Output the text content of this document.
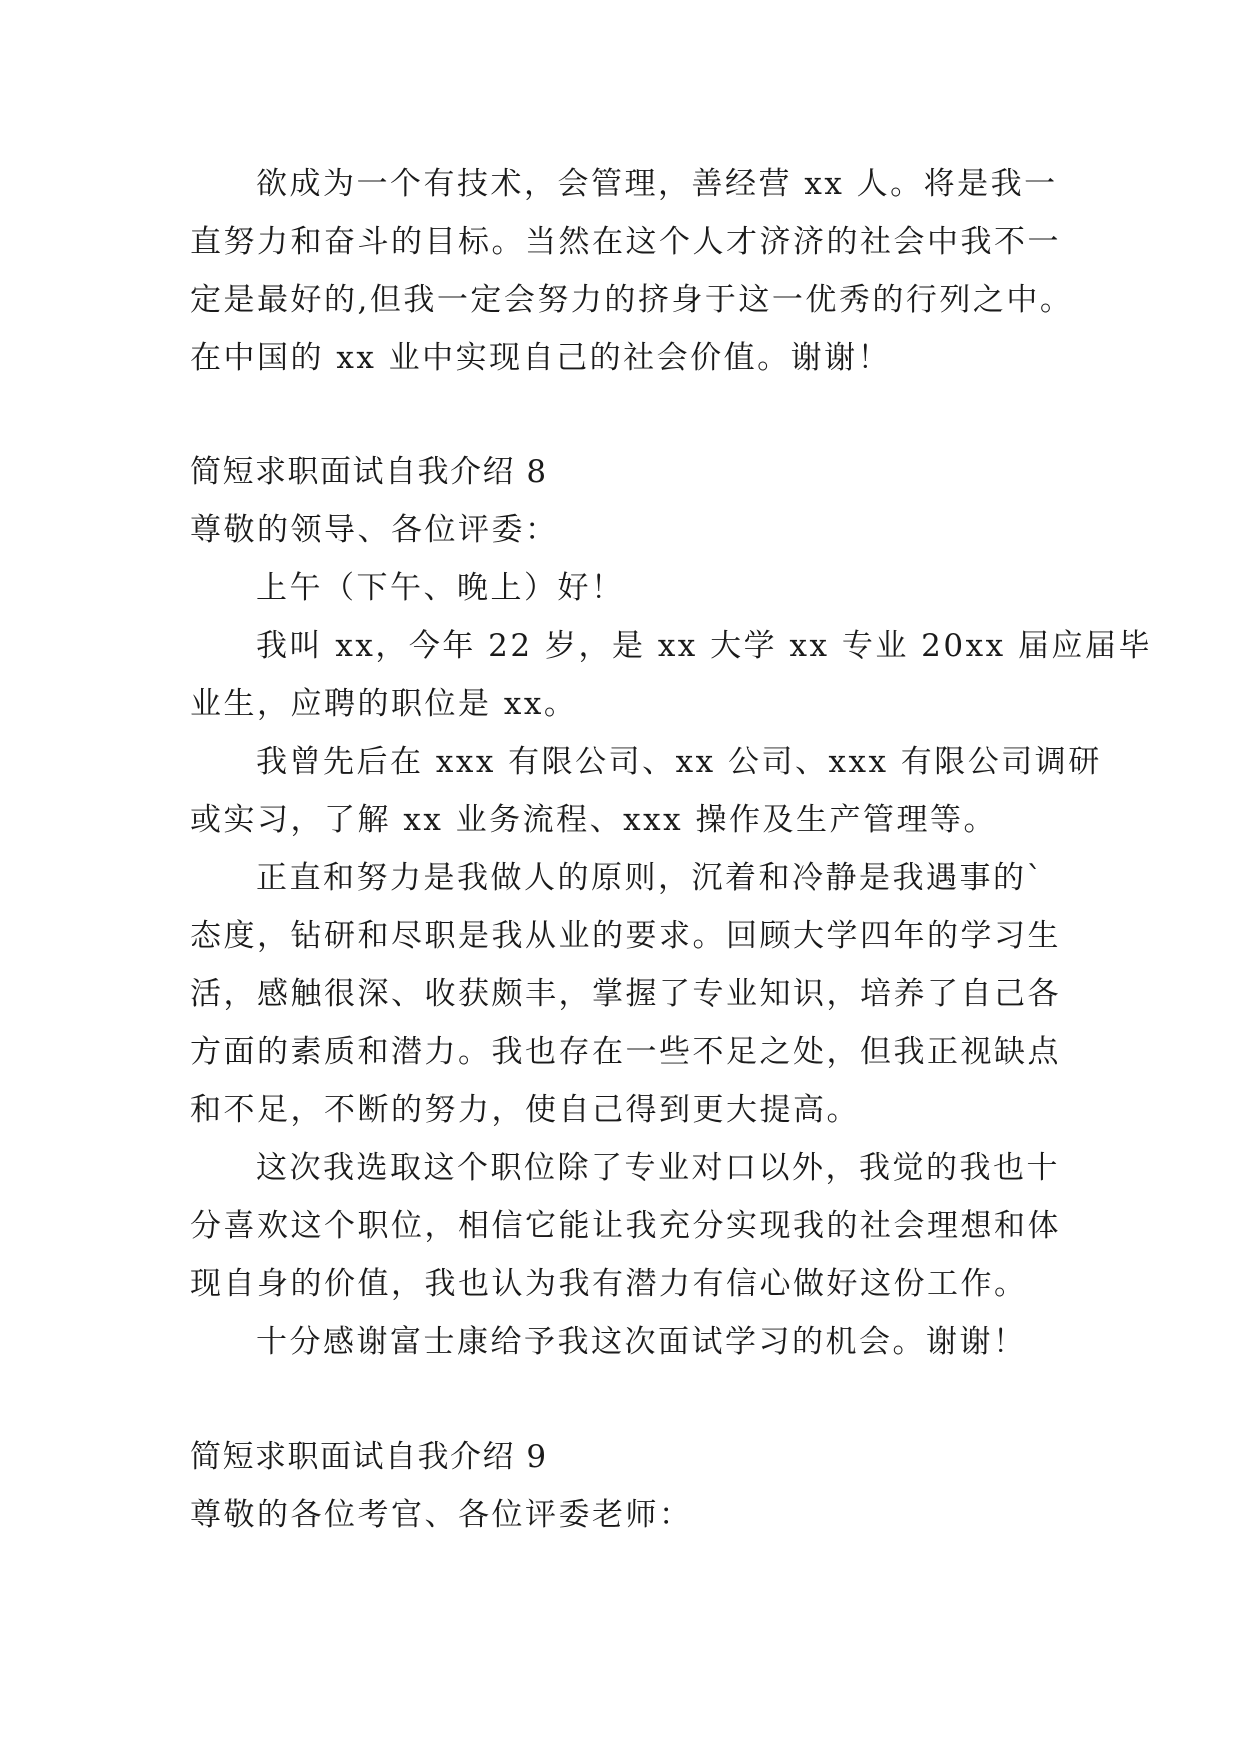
欲成为一个有技术，会管理，善经营 xx 人。将是我一
直努力和奋斗的目标。当然在这个人才济济的社会中我不一
定是最好的,但我一定会努力的挤身于这一优秀的行列之中。
在中国的 xx 业中实现自己的社会价值。谢谢！
简短求职面试自我介绍 8
尊敬的领导、各位评委：
上午（下午、晚上）好！
我叫 xx，今年 22 岁，是 xx 大学 xx 专业 20xx 届应届毕
业生，应聘的职位是 xx。
我曾先后在 xxx 有限公司、xx 公司、xxx 有限公司调研
或实习，了解 xx 业务流程、xxx 操作及生产管理等。
正直和努力是我做人的原则，沉着和冷静是我遇事的`
态度，钻研和尽职是我从业的要求。回顾大学四年的学习生
活，感触很深、收获颇丰，掌握了专业知识，培养了自己各
方面的素质和潜力。我也存在一些不足之处，但我正视缺点
和不足，不断的努力，使自己得到更大提高。
这次我选取这个职位除了专业对口以外，我觉的我也十
分喜欢这个职位，相信它能让我充分实现我的社会理想和体
现自身的价值，我也认为我有潜力有信心做好这份工作。
十分感谢富士康给予我这次面试学习的机会。谢谢！
简短求职面试自我介绍 9
尊敬的各位考官、各位评委老师：
